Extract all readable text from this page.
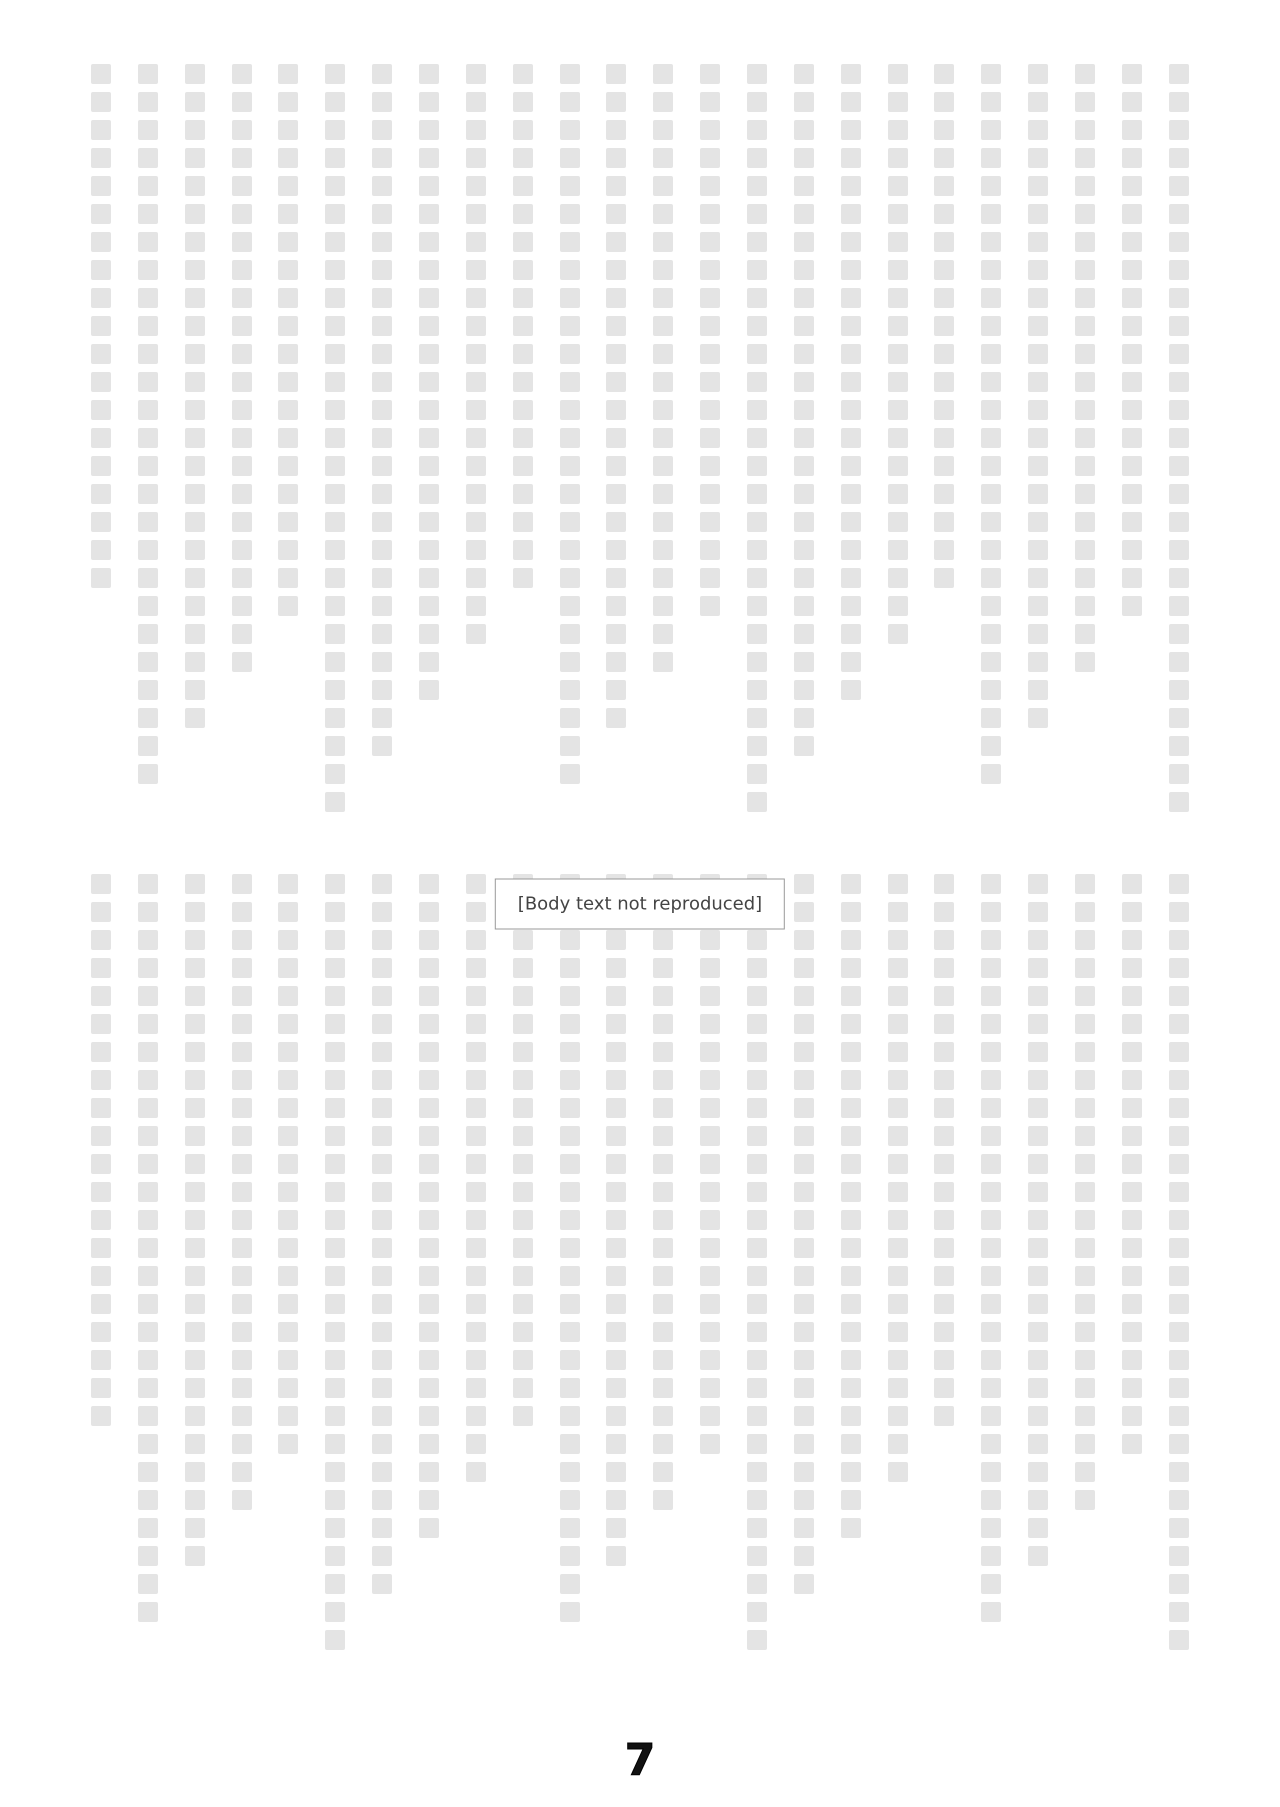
[Body text not reproduced]
7
